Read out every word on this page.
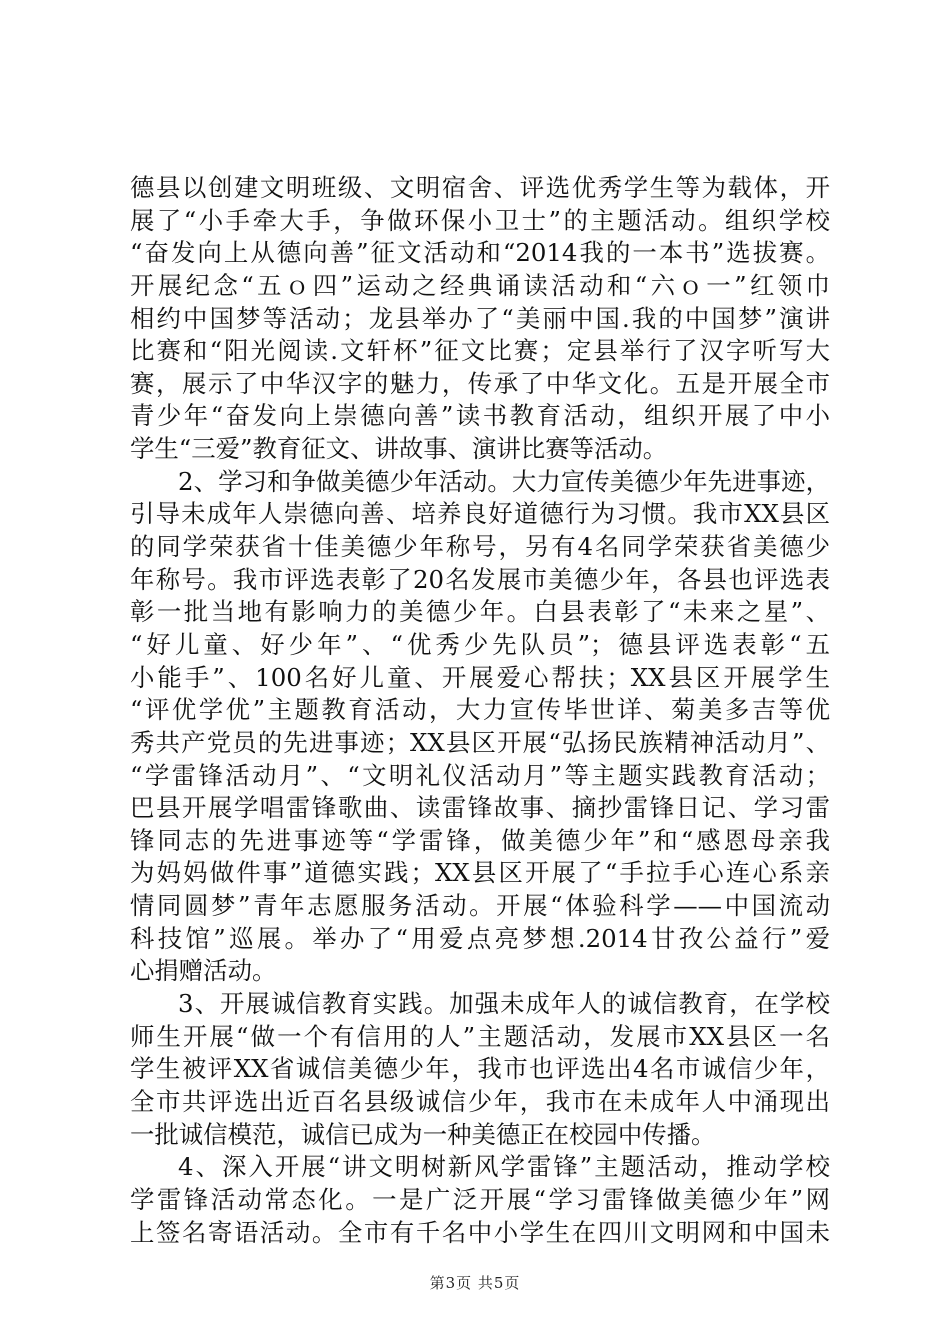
德县以创建文明班级、文明宿舍、评选优秀学生等为载体，开
展了“小手牵大手，争做环保小卫士”的主题活动。组织学校
“奋发向上从德向善”征文活动和“2014我的一本书”选拔赛。
开展纪念“五ｏ四”运动之经典诵读活动和“六ｏ一”红领巾
相约中国梦等活动；龙县举办了“美丽中国.我的中国梦”演讲
比赛和“阳光阅读.文轩杯”征文比赛；定县举行了汉字听写大
赛，展示了中华汉字的魅力，传承了中华文化。五是开展全市
青少年“奋发向上崇德向善”读书教育活动，组织开展了中小
学生“三爱”教育征文、讲故事、演讲比赛等活动。
2、学习和争做美德少年活动。大力宣传美德少年先进事迹，
引导未成年人崇德向善、培养良好道德行为习惯。我市XX县区
的同学荣获省十佳美德少年称号，另有4名同学荣获省美德少
年称号。我市评选表彰了20名发展市美德少年，各县也评选表
彰一批当地有影响力的美德少年。白县表彰了“未来之星”、
“好儿童、好少年”、“优秀少先队员”；德县评选表彰“五
小能手”、100名好儿童、开展爱心帮扶；XX县区开展学生
“评优学优”主题教育活动，大力宣传毕世详、菊美多吉等优
秀共产党员的先进事迹；XX县区开展“弘扬民族精神活动月”、
“学雷锋活动月”、“文明礼仪活动月”等主题实践教育活动；
巴县开展学唱雷锋歌曲、读雷锋故事、摘抄雷锋日记、学习雷
锋同志的先进事迹等“学雷锋，做美德少年”和“感恩母亲我
为妈妈做件事”道德实践；XX县区开展了“手拉手心连心系亲
情同圆梦”青年志愿服务活动。开展“体验科学——中国流动
科技馆”巡展。举办了“用爱点亮梦想.2014甘孜公益行”爱
心捐赠活动。
3、开展诚信教育实践。加强未成年人的诚信教育，在学校
师生开展“做一个有信用的人”主题活动，发展市XX县区一名
学生被评XX省诚信美德少年，我市也评选出4名市诚信少年，
全市共评选出近百名县级诚信少年，我市在未成年人中涌现出
一批诚信模范，诚信已成为一种美德正在校园中传播。
4、深入开展“讲文明树新风学雷锋”主题活动，推动学校
学雷锋活动常态化。一是广泛开展“学习雷锋做美德少年”网
上签名寄语活动。全市有千名中小学生在四川文明网和中国未
第3页 共5页
